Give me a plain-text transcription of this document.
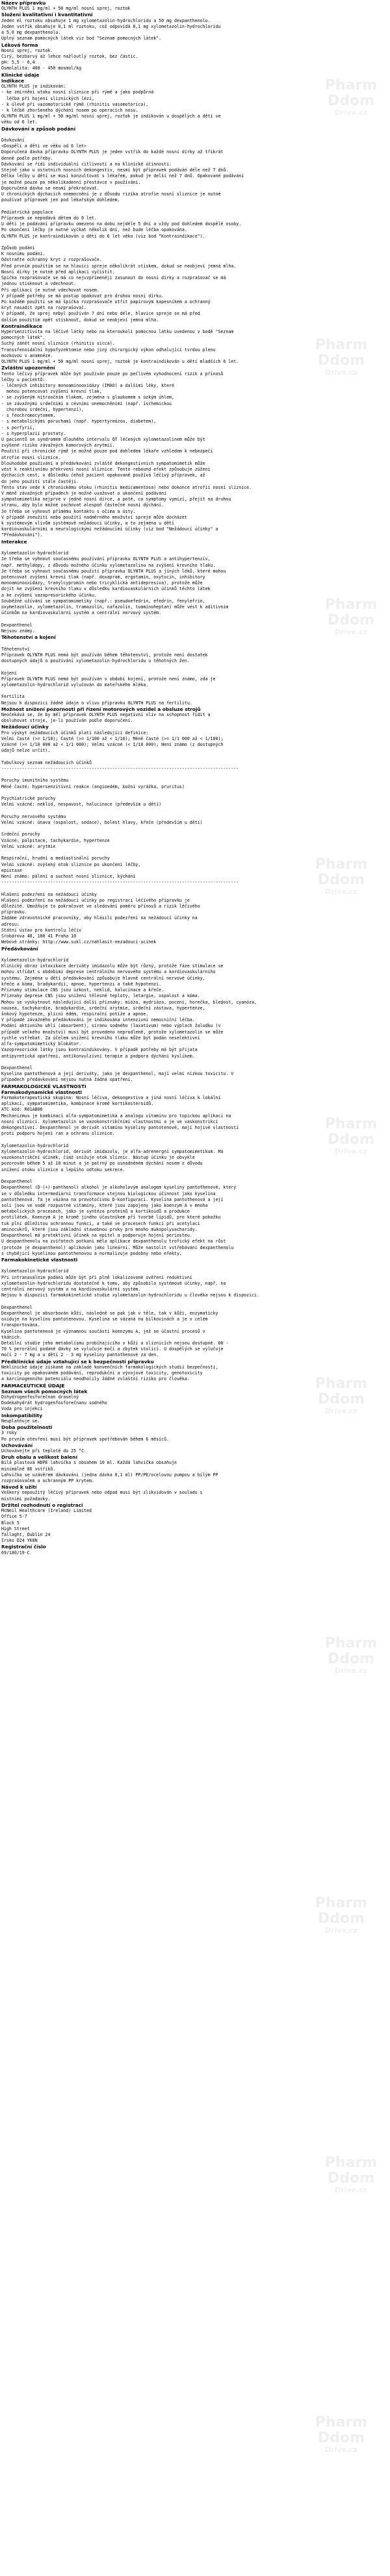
Pharm
Ddom
Drive.cz
Pharm
Ddom
Drive.cz
Pharm
Ddom
Drive.cz
Pharm
Ddom
Drive.cz
Pharm
Ddom
Drive.cz
Pharm
Ddom
Drive.cz
Pharm
Ddom
Drive.cz
Pharm
Ddom
Drive.cz
Pharm
Ddom
Drive.cz
Pharm
Ddom
Drive.cz
Název přípravku
OLYNTH PLUS 1 mg/ml + 50 mg/ml nosní sprej, roztok
Složení kvalitativní i kvantitativní
Jeden ml roztoku obsahuje 1 mg xylometazolin-hydrochloridu a 50 mg dexpanthenolu.
Jeden vstřik obsahuje 0,1 ml roztoku, což odpovídá 0,1 mg xylometazolin-hydrochloridu
a 5,0 mg dexpanthenolu.
Úplný seznam pomocných látek viz bod "Seznam pomocných látek".
Léková forma
Nosní sprej, roztok.
Čirý, bezbarvý až lehce nažloutlý roztok, bez částic.
pH: 5,5 - 6,4
Osmolalita: 400 - 450 mosmol/kg
Klinické údaje
Indikace
OLYNTH PLUS je indikován:
- ke zmírnění otoku nosní sliznice při rýmě a jako podpůrná
léčba při hojení sliznických lézí,
- k úlevě při vazomotorické rýmě (rhinitis vasomotorica),
- k léčbě zhoršeného dýchání nosem po operacích nosu.
OLYNTH PLUS 1 mg/ml + 50 mg/ml nosní sprej, roztok je indikován u dospělých a dětí ve
věku od 6 let.
Dávkování a způsob podání
Dávkování
<Dospělí a děti ve věku od 6 let>
Doporučená dávka přípravku OLYNTH PLUS je jeden vstřik do každé nosní dírky až třikrát
denně podle potřeby.
Dávkování se řídí individuální citlivostí a na klinické účinnosti.
Stejně jako u ostatních nosních dekongestiv, nesmí být přípravek podáván déle než 7 dnů.
Délka léčby u dětí se musí konzultovat s lékařem, pokud je delší než 7 dnů. Opakované podávání
je možné pouze po několikadenní přestávce v používání.
Doporučená dávka se nesmí překračovat.
U chronických dýchacích onemocnění je z důvodu rizika atrofie nosní sliznice je nutné
používat přípravek jen pod lékařským dohledem.
Pediatrická populace
Přípravek se nepodává dětem do 6 let.
U dětí je podávání přípravku omezeno na dobu nejdéle 5 dní a vždy pod dohledem dospělé osoby.
Po ukončení léčby je nutné vyčkat několik dní, než bude léčba opakována.
OLYNTH PLUS je kontraindikován u dětí do 6 let věku (viz bod "Kontraindikace").
Způsob podání
K nosnímu podání.
Odstraňte ochranný kryt z rozprašovače.
Před prvním použitím se na hlavici spreje několikrát stiskem, dokud se neobjeví jemná mlha.
Nosní dírky je nutné před aplikací vyčistit.
Špička rozprašovače se má co nejvzpřímeněji zasunout do nosní dírky a rozprašovač se má
jednou stisknout a vdechnout.
Při aplikaci je nutné vdechovat nosem.
V případě potřeby se má postup opakovat pro druhou nosní dírku.
Po každém použití se má špička rozprašovače otřít papírovým kapesníkem a ochranný
kryt nasadit zpět na rozprašovač.
V případě, že sprej nebyl používán 7 dní nebo déle, hlavice spreje se má před
dalším použitím opět stisknout, dokud se neobjeví jemná mlha.
Kontraindikace
Hypersenzitivita na léčivé látky nebo na kteroukoli pomocnou látku uvedenou v bodě "Seznam
pomocných látek".
Suchý zánět nosní sliznice (rhinitis sicca).
Transsfenoidální hypofyzektomie nebo jiný chirurgický výkon odhalující tvrdou plenu
mozkovou v anamnéze.
OLYNTH PLUS 1 mg/ml + 50 mg/ml nosní sprej, roztok je kontraindikován u dětí mladších 6 let.
Zvláštní upozornění
Tento léčivý přípravek může být používán pouze po pečlivém vyhodnocení rizik a přínosů
léčby u pacientů:
- léčených inhibitory monoaminooxidázy (IMAO) a dalšími léky, které
mohou potencovat zvýšení krevní tlak,
- se zvýšeným nitroočním tlakem, zejména s glaukomem s úzkým úhlem,
- se závažnými srdečními a cévními onemocněními (např. ischemickou
chorobou srdeční, hypertenzí),
- s feochromocytomem,
- s metabolickými poruchami (např. hypertyreózou, diabetem),
- s porfyrií,
- s hyperplazií prostaty.
U pacientů se syndromem dlouhého intervalu QT léčených xylometazolinem může být
zvýšené riziko závažných komorových arytmií.
Použití při chronické rýmě je možné pouze pod dohledem lékaře vzhledem k nebezpečí
atrofie nosní sliznice.
Dlouhodobé používání a předávkování zvláště dekongestivních sympatomimetik může
vést k reaktivnímu překrvení nosní sliznice. Tento rebound efekt způsobuje zúžení
dýchacích cest, v důsledku čehož pacient opakovaně používá léčivý přípravek, až
do jeho použití stále častěji.
Tento stav vede k chronickému otoku (rhinitis medicamentosa) nebo dokonce atrofii nosní sliznice.
V méně závažných případech je možné uvažovat o ukončení podávání
sympatomimetika nejprve v jedné nosní dírce, a poté, co symptomy vymizí, přejít na druhou
stranu, aby bylo možné zachovat alespoň částečné nosní dýchání.
Je třeba se vyhnout přímému kontaktu s očima a ústy.
V případě zneužití nebo použití nadměrného množství spreje může docházet
k systémovým vlivům systémově nežádoucí účinky, a to zejména u dětí
kardiovaskulárními a neurologickými nežádoucími účinky (viz bod "Nežádoucí účinky" a
"Předávkování").
Interakce
Xylometazolin-hydrochlorid
Je třeba se vyhnout současnému používání přípravku OLYNTH PLUS a antihypertenziv,
např. methyldopy, z důvodu možného účinku xylometazolinu na zvýšení krevního tlaku.
Je třeba se vyhnout současnému použití přípravku OLYNTH PLUS a jiných léků, které mohou
potencovat zvýšení krevní tlak (např. doxapram, ergotamin, oxytocin, inhibitory
monoaminooxidázy, tranylcypromin nebo tricyklická antidepresiva), protože může
dojít ke zvýšení krevního tlaku v důsledku kardiovaskulárních účinků těchto látek
a ke zvýšení vazopresorického účinku.
Souběžné užívání se sympatomimetiky (např.: pseudoefedrin, efedrin, fenylefrin,
oxymetazolin, xylometazolin, tramazolin, nafazolin, tuaminoheptan) může vést k aditivním
účinkům na kardiovaskulární systém a centrální nervový systém.
Dexpanthenol
Nejsou známy.
Těhotenství a kojení
Těhotenství
Přípravek OLYNTH PLUS nemá být používán během těhotenství, protože není dostatek
dostupných údajů o používání xylometazolin-hydrochloridu u těhotných žen.
Kojení
Přípravek OLYNTH PLUS nemá být používán v období kojení, protože není známo, zda je
xylometazolin-hydrochlorid vylučován do mateřského mléka.
Fertilita
Nejsou k dispozici žádné údaje o vlivu přípravku OLYNTH PLUS na fertilitu.
Možnost snížení pozornosti při řízení motorových vozidel a obsluze strojů
Neočekává se, že by měl přípravek OLYNTH PLUS negativní vliv na schopnost řídit a
obsluhovat stroje, je-li používán podle doporučení.
Nežádoucí účinky
Pro výskyt nežádoucích účinků platí následující definice:
Velmi časté (>= 1/10); Časté (>= 1/100 až < 1/10); Méně časté (>= 1/1 000 až < 1/100);
Vzácné (>= 1/10 000 až < 1/1 000); Velmi vzácné (< 1/10 000); Není známo (z dostupných
údajů nelze určit).
Tabulkový seznam nežádoucích účinků
--------------------------------------------------------------------------------------------
Poruchy imunitního systému
Méně časté: hypersenzitivní reakce (angioedém, kožní vyrážka, pruritus)
Psychiatrické poruchy
Velmi vzácné: neklid, nespavost, halucinace (především u dětí)
Poruchy nervového systému
Velmi vzácné: únava (ospalost, sedace), bolest hlavy, křeče (především u dětí)
Srdeční poruchy
Vzácné: palpitace, tachykardie, hypertenze
Velmi vzácné: arytmie
Respirační, hrudní a mediastinální poruchy
Velmi vzácné: zvýšený otok sliznice po ukončení léčby,
epistaxe
Není známo: pálení a suchost nosní sliznice, kýchání
--------------------------------------------------------------------------------------------
Hlášení podezření na nežádoucí účinky
Hlášení podezření na nežádoucí účinky po registraci léčivého přípravku je
důležité. Umožňuje to pokračovat ve sledování poměru přínosů a rizik léčivého
přípravku.
Žádáme zdravotnické pracovníky, aby hlásili podezření na nežádoucí účinky na
adresu:
Státní ústav pro kontrolu léčiv
Šrobárova 48, 100 41 Praha 10
Webové stránky: http://www.sukl.cz/nahlasit-nezadouci-ucinek
Předávkování
Xylometazolin-hydrochlorid
Klinický obraz intoxikace deriváty imidazolu může být různý, protože fáze stimulace se
mohou střídat s obdobími deprese centrálního nervového systému a kardiovaskulárního
systému. Zejména u dětí předávkování způsobuje hlavně centrální nervové účinky,
křeče a kóma, bradykardii, apnoe, hypertenzi a také hypotenzi.
Příznaky stimulace CNS jsou úzkost, neklid, halucinace a křeče.
Příznaky deprese CNS jsou snížení tělesné teploty, letargie, ospalost a kóma.
Mohou se vyskytnout následující další příznaky: mióza, mydriáza, pocení, horečka, bledost, cyanóza,
nausea, tachykardie, bradykardie, srdeční arytmie, srdeční zástava, hypertenze,
šokový hypotenze, plicní edém, respirační potíže a apnoe.
V případě závažného předávkování je indikována intenzivní nemocniční léčba.
Podání aktivního uhlí (absorbent), síranu sodného (laxativum) nebo výplach žaludku (v
případě velkého množství) musí být provedeno neprodleně, protože xylometazolin se může
rychle vstřebat. Za účelem snížení krevního tlaku může být podán neselektivní
alfa-sympatomimetický blokátor.
Vazopresorické látky jsou kontraindikovány. V případě potřeby má být přijata
antipyretická opatření, antikonvulzivní terapie a podpora dýchání kyslíkem.
Dexpanthenol
Kyselina pantothenová a její deriváty, jako je dexpanthenol, mají velmi nízkou toxicitu. V
případech předávkování nejsou nutná žádná opatření.
FARMAKOLOGICKÉ VLASTNOSTI
Farmakodynamické vlastnosti
Farmakoterapeutická skupina: Nosní léčiva, dekongestiva a jiná nosní léčiva k lokální
aplikaci, sympatomimetika, kombinace kromě kortikosteroidů.
ATC kód: R01AB06
Mechanizmus je kombinací alfa-sympatomimetika a analogu vitamínu pro topickou aplikaci na
nosní sliznici. Xylometazolin se vazokonstrikčními vlastnostmi a je ve vaskonstrikci
dekongestivní. Dexpanthenol je derivát vitamínu kyseliny pantotenové, mají hojivé vlastnosti
proti podporu hojení ran a ochranu sliznice.
Xylometazolin-hydrochlorid
Xylometazolin-hydrochlorid, derivát imidazolu, je alfa-adrenergní sympatomimetikum. Má
vazokonstrikční účinek, čímž snižuje otok sliznic. Nástup účinku je obvykle
pozorován během 5 až 10 minut a je patrný po usnadněném dýchání nosem z důvodu
snížení otoku sliznice a lepšího odtoku sekrece.
Dexpanthenol
Dexpanthenol (D-(+)-panthenol) alkohol je alkoholovým analogem kyseliny pantothenové, který
se v důsledku intermediární transformace stejnou biologickou účinnost jako kyselina
pantothenová. Ta je vázána na pravotočivou D-konfiguraci. Kyselina pantothenová a její
soli jsou ve vodě rozpustné vitamíny, které jsou zapojeny jako koenzym A v mnoha
metabolických procesech, jako je syntéza proteinů a kortikoidů a produkce
protilátek. Koenzym A je kromě jiného účastníkem při tvorbě lipidů, pro které pokožku
tuk plní důležitou ochrannou funkci, a také ve procesech funkcí při acetylaci
aminocukrů, které jsou základní stavebnou prvky pro mnoho mukopolysacharidy.
Dexpanthenol má protektivní účinek na epitel a podporuje hojení periosteu.
U dexpanthenolu na zvířatech potkani měla aplikace dexpanthenolu trofický efekt na růst
(protože je dexpanthenol) aplikován jako lineární. Může nastolit vstřebávání dexpanthenolu
s chybějící kyselinou pantothenovou a normalizuje podobny nebo efekty.
Farmakokinetické vlastnosti
Xylometazolin-hydrochlorid
Při intranasálním podání může být při plně lokalizované ověření reduktivní
xylometazolin-hydrochloridu dostatečně k tomu, aby způsobilo systémové účinky, např. na
centrální nervový systém a na kardiovaskulární systém.
Nejsou k dispozici farmakokinetické studie xylometazolin-hydrochloridu u člověka nejsou k dispozici.
Dexpanthenol
Dexpanthenol je absorbován kůží, následně se pak jak v těle, tak v kůži, enzymaticky
oxiduje na kyselinu pantotenovou. Kyselina se vázaná na bílkovinách a je v celém
transportována.
Kyselina pantotenová je významnou součástí koenzymu A, jež se účastní procesů v
tkáních.
Detailní studie jeho metabolismu probíhajícího v kůži a sliznicích nejsou dostupné. 60 -
70 % perorální podané dávky se vylučuje močí a zbytek stolicí. U dospělých se vylučuje
močí 2 - 7 mg a u dětí 2 - 3 mg kyseliny pantothenové za den.
Předklinické údaje vztahující se k bezpečnosti přípravku
Neklinické údaje získané na základě konvenčních farmakologických studií bezpečnosti,
toxicity po opakovaném podávání, reprodukční a vývojové toxicity, genotoxicity
a karcinogenního potenciálu neodhalily žádné zvláštní riziko pro člověka.
FARMACEUTICKÉ ÚDAJE
Seznam všech pomocných látek
Dihydrogenfosforečnan draselný
Dodekahydrát hydrogenfosforečnanu sodného
Voda pro injekci
Inkompatibility
Neuplatňuje se.
Doba použitelnosti
3 roky
Po prvním otevření musí být přípravek spotřebován během 6 měsíců.
Uchovávání
Uchovávejte při teplotě do 25 °C.
Druh obalu a velikost balení
Bílá plastová HDPE lahvička s obsahem 10 ml. Každá lahvička obsahuje
minimálně 86 vstřiků.
Lahvička se uzávěrem dávkování (jedna dávka 0,1 ml) PP/PE/ocelovou pumpou a bílým PP
rozprašovačem a ochranným PP krytem.
Návod k užití
Veškerý nepoužitý léčivý přípravek nebo odpad musí být zlikvidován v souladu s
místními požadavky.
Držitel rozhodnutí o registraci
McNeil Healthcare (Ireland) Limited
Office 5-7
Block 5
High Street
Tallaght, Dublin 24
Irsko D24 YK8N
Registrační číslo
69/180/19-C
